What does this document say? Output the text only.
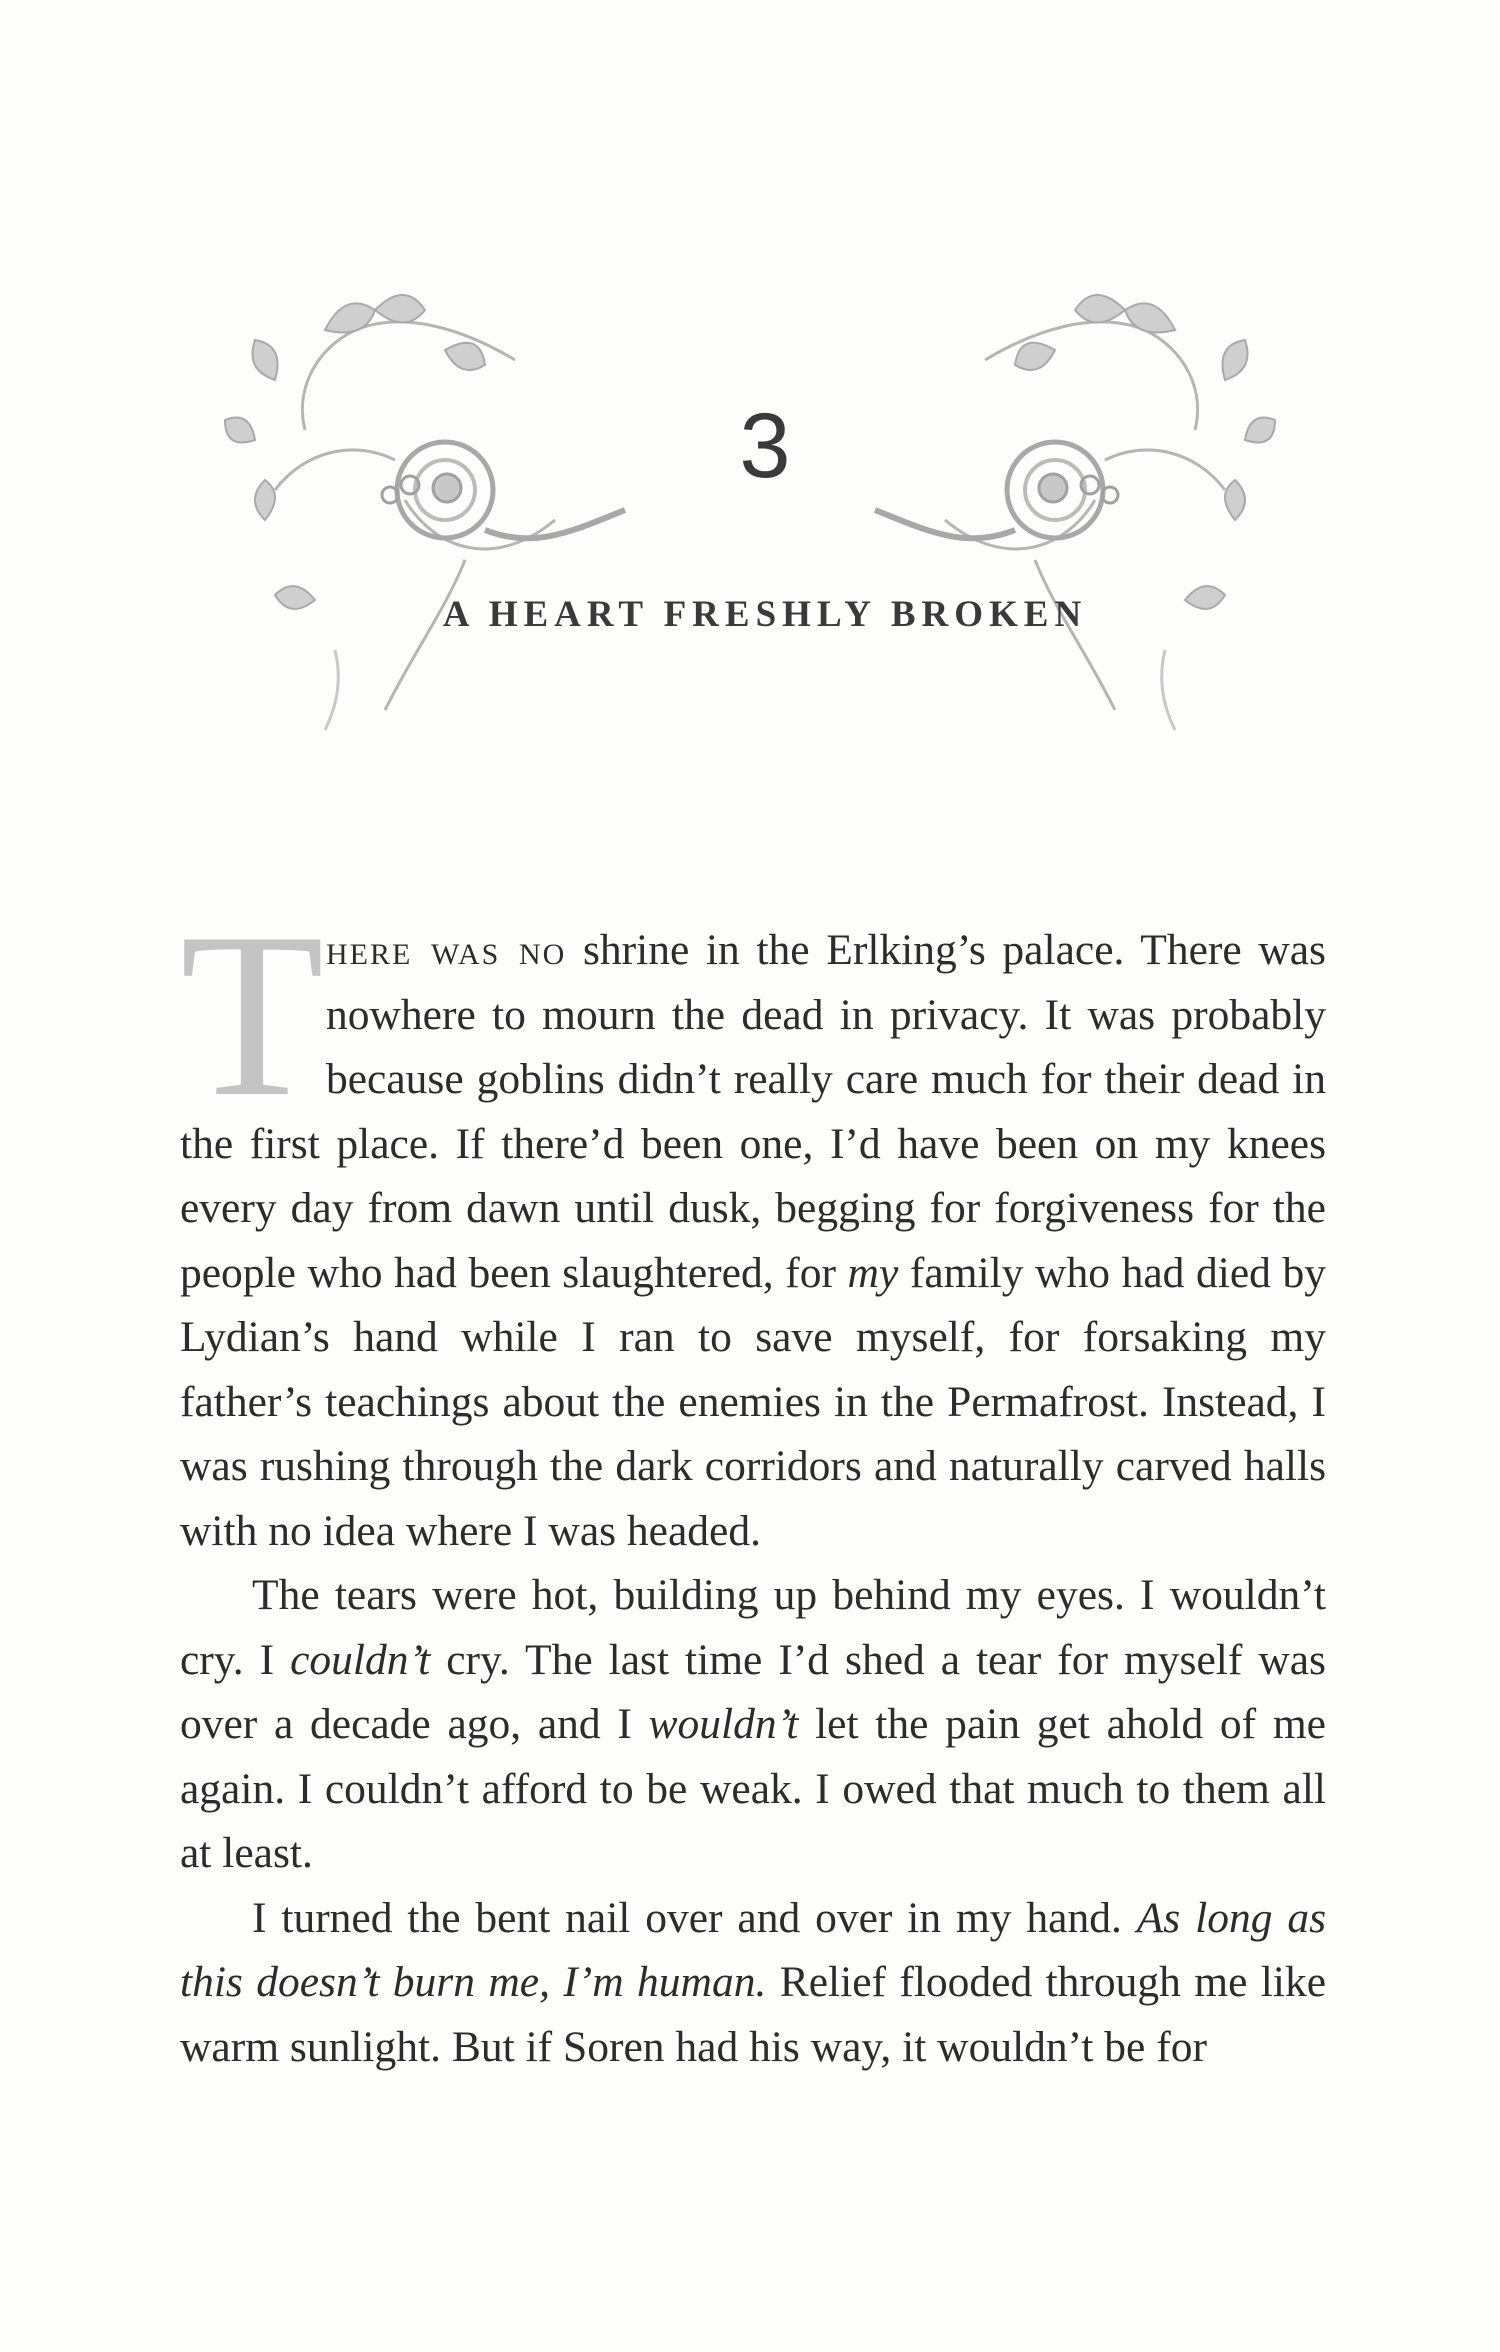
3
A HEART FRESHLY BROKEN

T here was no shrine in the Erlking’s palace. There was nowhere to mourn the dead in privacy. It was probably because goblins didn’t really care much for their dead in the first place. If there’d been one, I’d have been on my knees every day from dawn until dusk, begging for forgiveness for the people who had been slaughtered, for my family who had died by Lydian’s hand while I ran to save myself, for forsaking my father’s teachings about the enemies in the Permafrost. Instead, I was rushing through the dark corridors and naturally carved halls with no idea where I was headed.

The tears were hot, building up behind my eyes. I wouldn’t cry. I couldn’t cry. The last time I’d shed a tear for myself was over a decade ago, and I wouldn’t let the pain get ahold of me again. I couldn’t afford to be weak. I owed that much to them all at least.

I turned the bent nail over and over in my hand. As long as this doesn’t burn me, I’m human. Relief flooded through me like warm sunlight. But if Soren had his way, it wouldn’t be for
